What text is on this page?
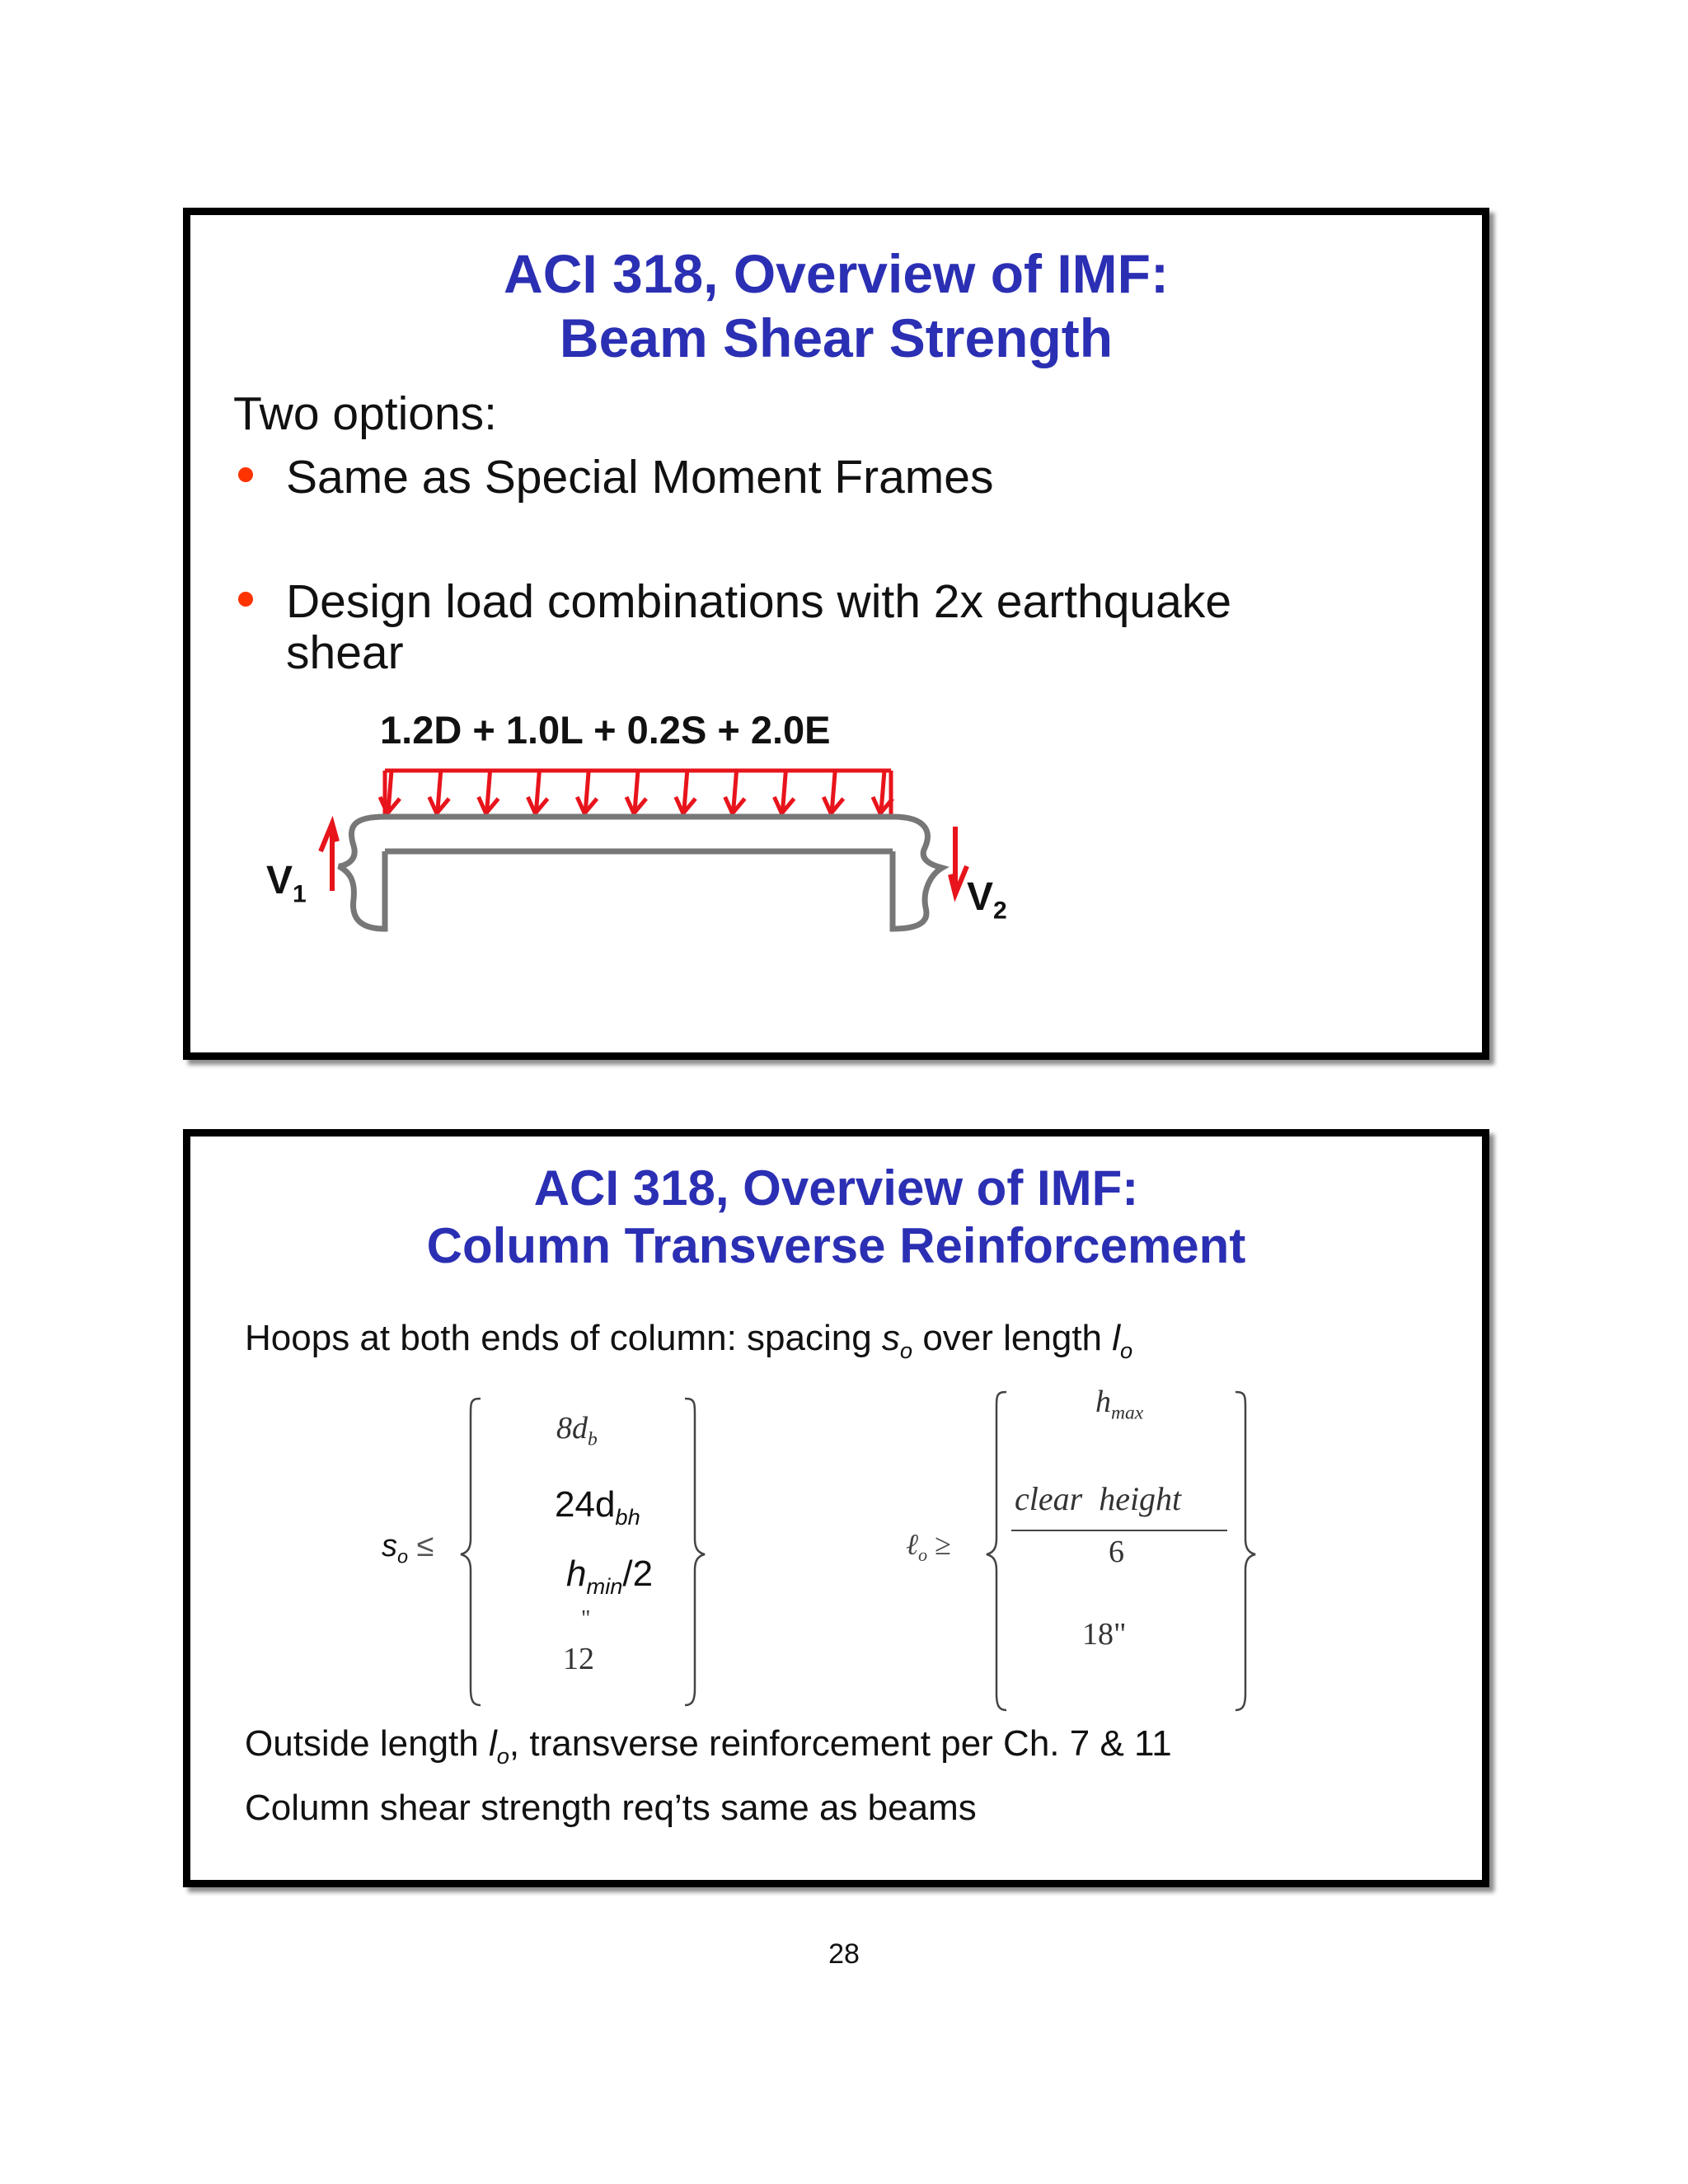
ACI 318, Overview of IMF:
Beam Shear Strength
Two options:
Same as Special Moment Frames
Design load combinations with 2x earthquake
shear
1.2D + 1.0L + 0.2S + 2.0E
$V_1$	$V_2$
ACI 318, Overview of IMF:
Column Transverse Reinforcement
Hoops at both ends of column: spacing $s_o$ over length $l_o$
$s_o$ ≤
$8d_b$
$24d_{bh}$
$h_{min}/2$
"
12
ℓ$_o$ ≥
$h_{max}$
clear  height
6
18"
Outside length $l_o$, transverse reinforcement per Ch. 7 & 11
Column shear strength req’ts same as beams
28
